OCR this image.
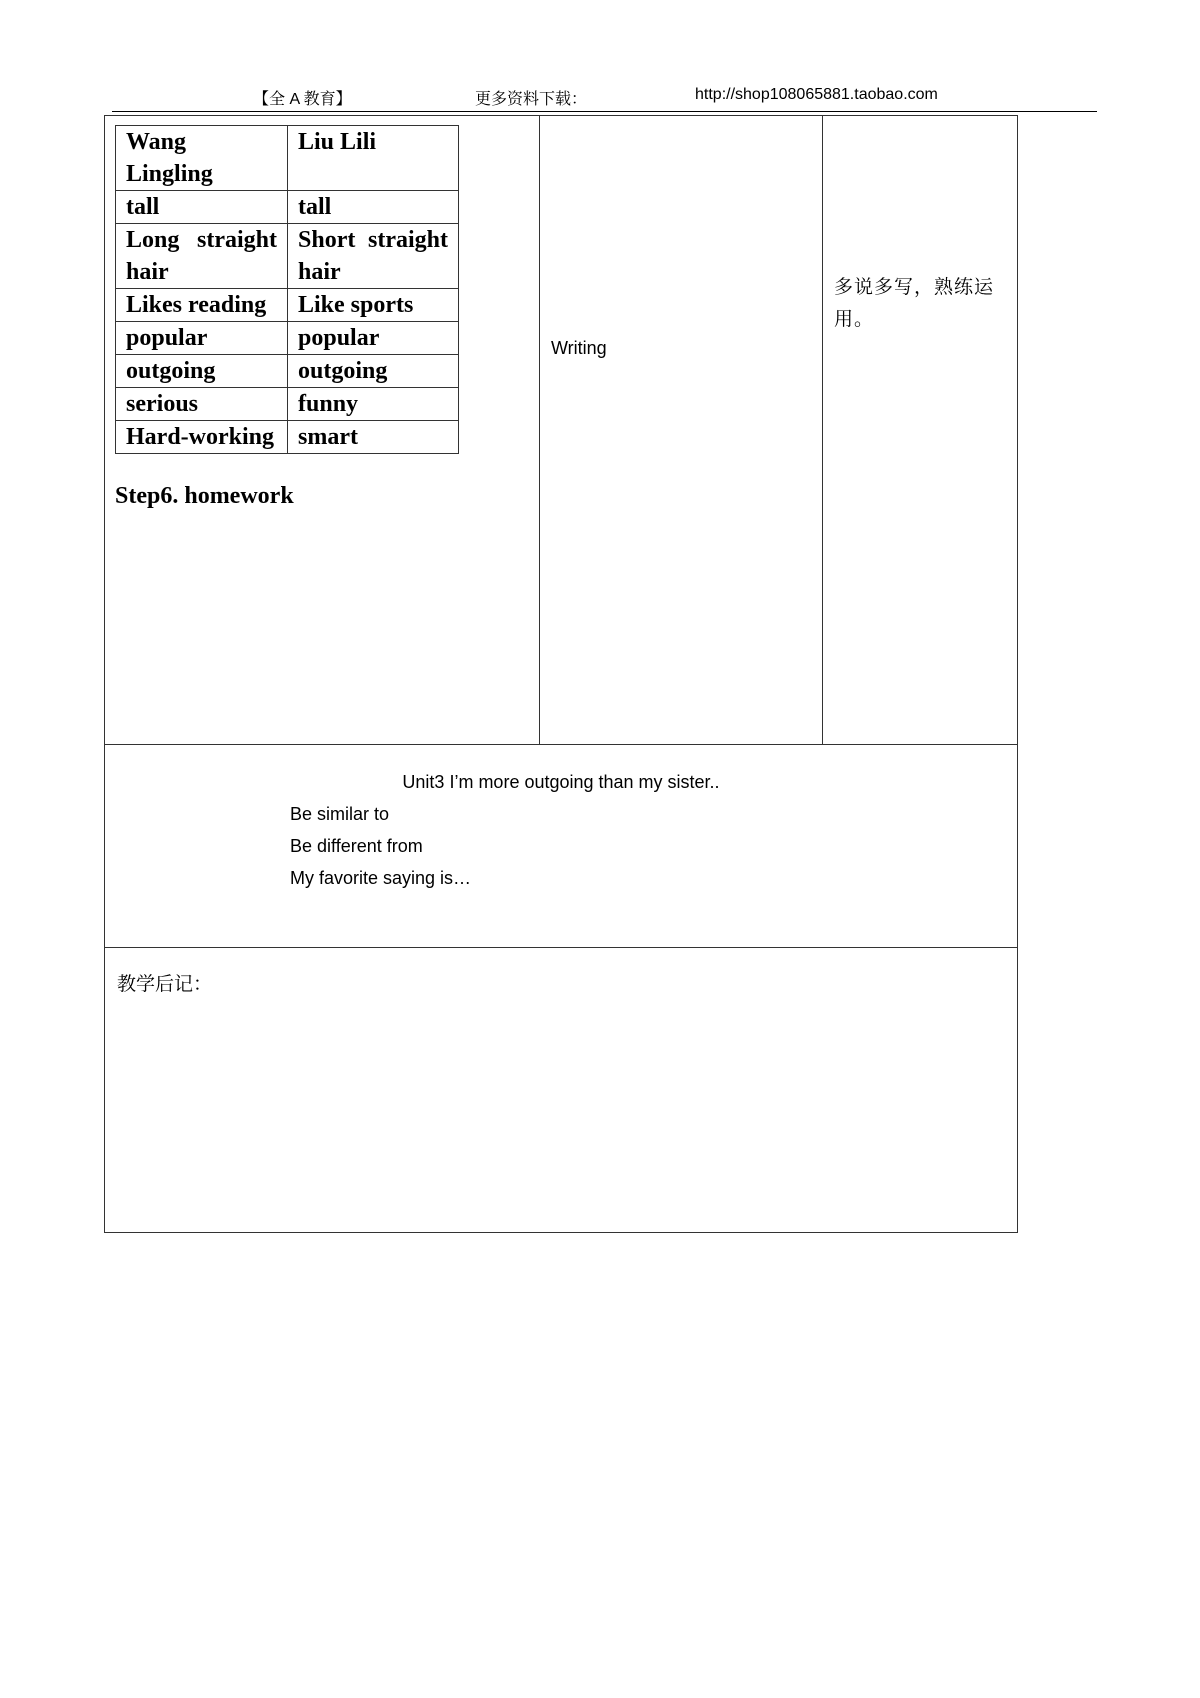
【全 A 教育】	更多资料下载：	http://shop108065881.taobao.com
Wang Lingling	Liu Lili
tall	tall
Long straight hair	Short straight hair
Likes reading	Like sports
popular	popular
outgoing	outgoing
serious	funny
Hard-working	smart
Step6. homework
Writing
多说多写，熟练运用。
Unit3 I’m more outgoing than my sister..
Be similar to
Be different from
My favorite saying is…
教学后记：
